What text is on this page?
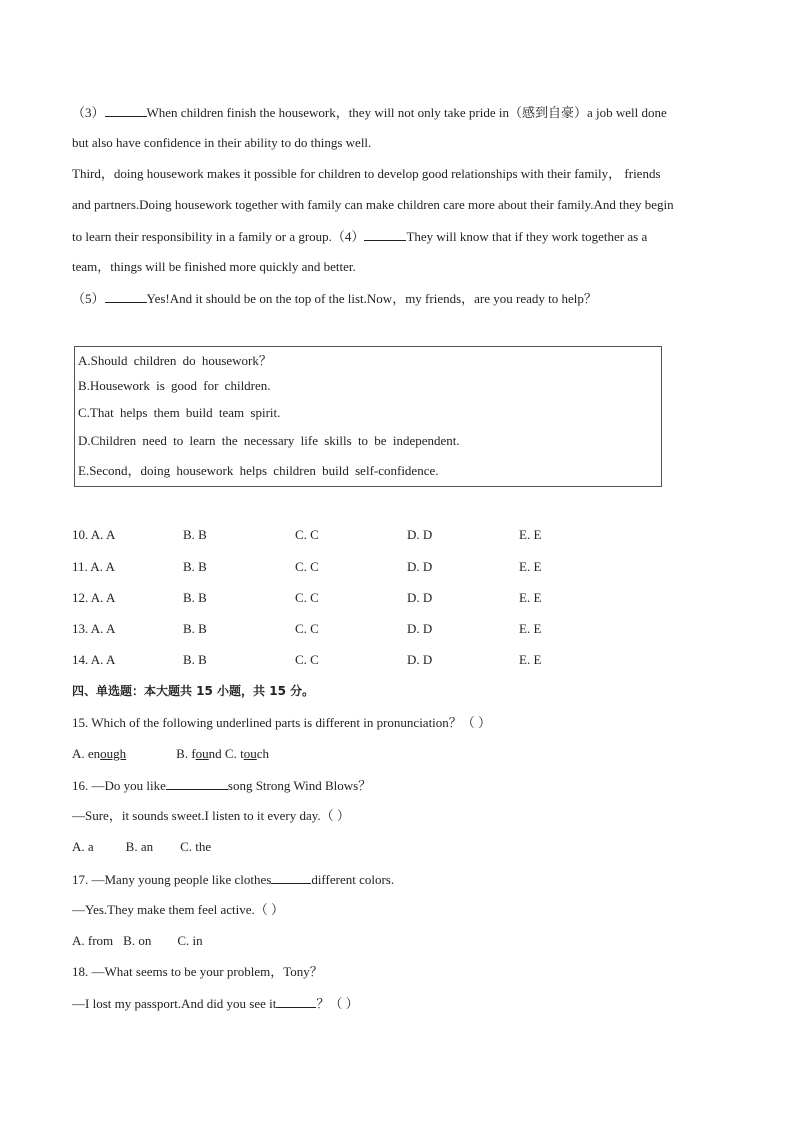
（3）	When children finish the housework，they will not only take pride in（感到自豪）a job well done
but also have confidence in their ability to do things well.
Third，doing housework makes it possible for children to develop good relationships with their family， friends
and partners.Doing housework together with family can make children care more about their family.And they begin
to learn their responsibility in a family or a group.（4）	They will know that if they work together as a
team，things will be finished more quickly and better.
（5）	Yes!And it should be on the top of the list.Now，my friends，are you ready to help？
A.Should children do housework？
B.Housework is good for children.
C.That helps them build team spirit.
D.Children need to learn the necessary life skills to be independent.
E.Second，doing housework helps children build self-confidence.
10. A. A	B. B	C. C	D. D	E. E
11. A. A	B. B	C. C	D. D	E. E
12. A. A	B. B	C. C	D. D	E. E
13. A. A	B. B	C. C	D. D	E. E
14. A. A	B. B	C. C	D. D	E. E
四、单选题：本大题共 15 小题，共 15 分。
15. Which of the following underlined parts is different in pronunciation？（ ）
A. enough	B. found C. touch
16. —Do you like	song Strong Wind Blows？
—Sure，it sounds sweet.I listen to it every day.（ ）
A. a B. an C. the
17. —Many young people like clothes	different colors.
—Yes.They make them feel active.（ ）
A. from B. on C. in
18. —What seems to be your problem，Tony？
—I lost my passport.And did you see it	？（ ）
